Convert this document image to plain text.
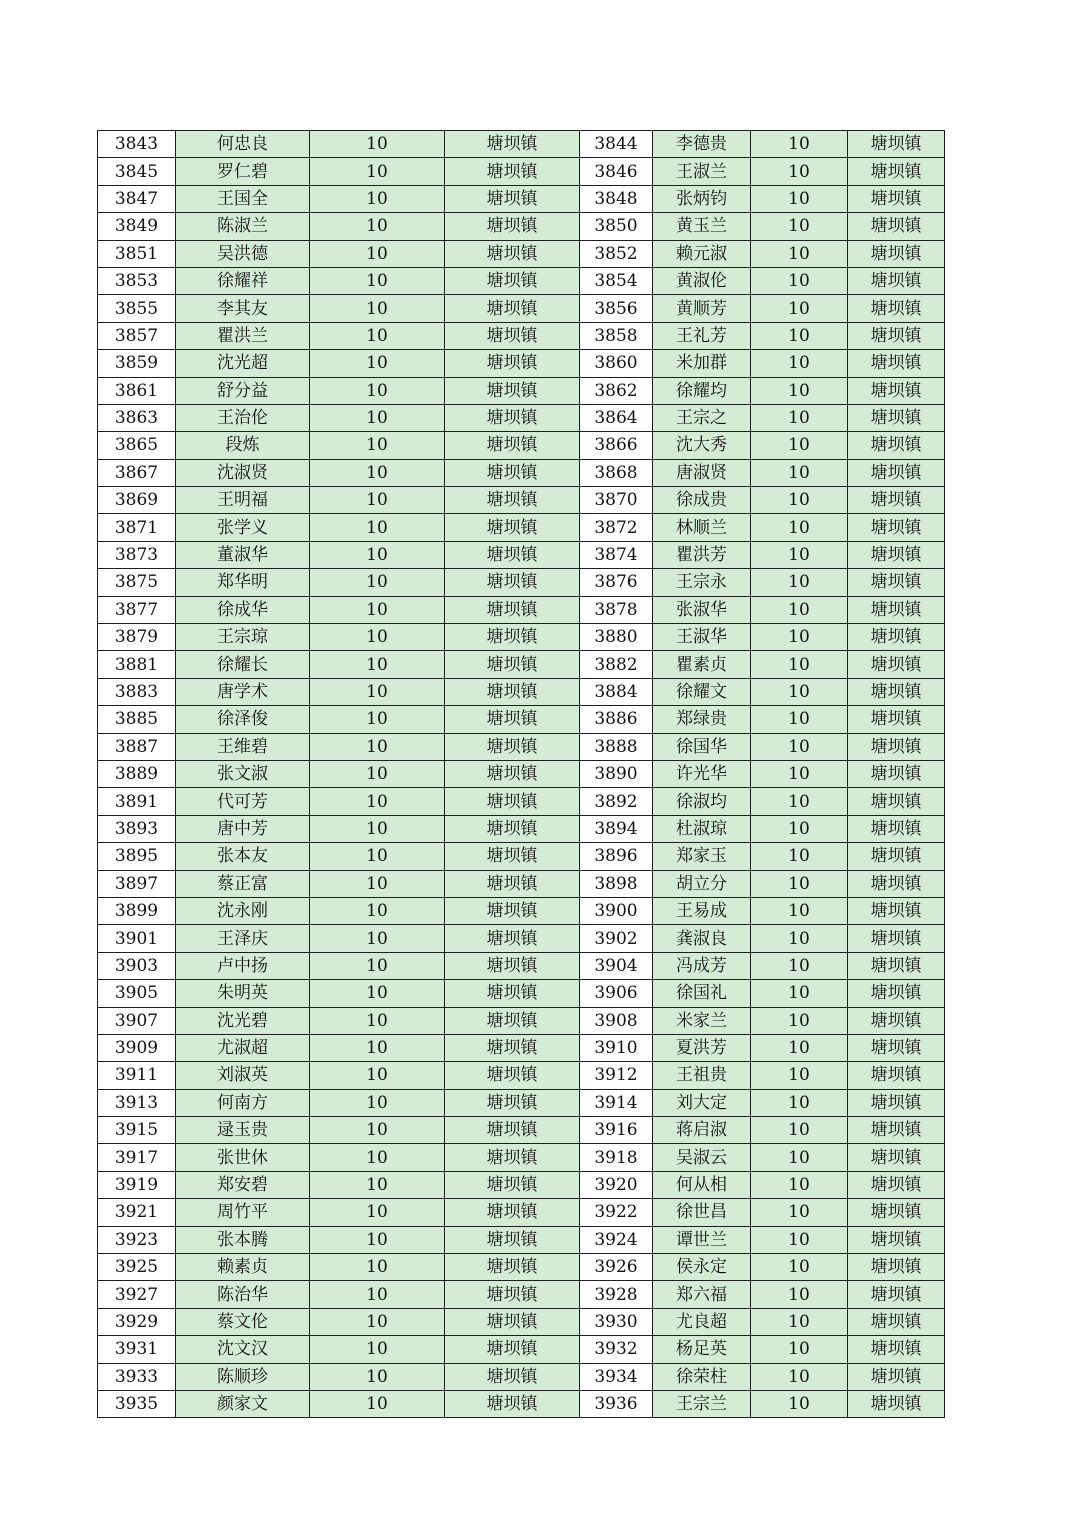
3843	何忠良	10	塘坝镇	3844	李德贵	10	塘坝镇
3845	罗仁碧	10	塘坝镇	3846	王淑兰	10	塘坝镇
3847	王国全	10	塘坝镇	3848	张炳钧	10	塘坝镇
3849	陈淑兰	10	塘坝镇	3850	黄玉兰	10	塘坝镇
3851	吴洪德	10	塘坝镇	3852	赖元淑	10	塘坝镇
3853	徐耀祥	10	塘坝镇	3854	黄淑伦	10	塘坝镇
3855	李其友	10	塘坝镇	3856	黄顺芳	10	塘坝镇
3857	瞿洪兰	10	塘坝镇	3858	王礼芳	10	塘坝镇
3859	沈光超	10	塘坝镇	3860	米加群	10	塘坝镇
3861	舒分益	10	塘坝镇	3862	徐耀均	10	塘坝镇
3863	王治伦	10	塘坝镇	3864	王宗之	10	塘坝镇
3865	段炼	10	塘坝镇	3866	沈大秀	10	塘坝镇
3867	沈淑贤	10	塘坝镇	3868	唐淑贤	10	塘坝镇
3869	王明福	10	塘坝镇	3870	徐成贵	10	塘坝镇
3871	张学义	10	塘坝镇	3872	林顺兰	10	塘坝镇
3873	董淑华	10	塘坝镇	3874	瞿洪芳	10	塘坝镇
3875	郑华明	10	塘坝镇	3876	王宗永	10	塘坝镇
3877	徐成华	10	塘坝镇	3878	张淑华	10	塘坝镇
3879	王宗琼	10	塘坝镇	3880	王淑华	10	塘坝镇
3881	徐耀长	10	塘坝镇	3882	瞿素贞	10	塘坝镇
3883	唐学术	10	塘坝镇	3884	徐耀文	10	塘坝镇
3885	徐泽俊	10	塘坝镇	3886	郑绿贵	10	塘坝镇
3887	王维碧	10	塘坝镇	3888	徐国华	10	塘坝镇
3889	张文淑	10	塘坝镇	3890	许光华	10	塘坝镇
3891	代可芳	10	塘坝镇	3892	徐淑均	10	塘坝镇
3893	唐中芳	10	塘坝镇	3894	杜淑琼	10	塘坝镇
3895	张本友	10	塘坝镇	3896	郑家玉	10	塘坝镇
3897	蔡正富	10	塘坝镇	3898	胡立分	10	塘坝镇
3899	沈永刚	10	塘坝镇	3900	王易成	10	塘坝镇
3901	王泽庆	10	塘坝镇	3902	龚淑良	10	塘坝镇
3903	卢中扬	10	塘坝镇	3904	冯成芳	10	塘坝镇
3905	朱明英	10	塘坝镇	3906	徐国礼	10	塘坝镇
3907	沈光碧	10	塘坝镇	3908	米家兰	10	塘坝镇
3909	尤淑超	10	塘坝镇	3910	夏洪芳	10	塘坝镇
3911	刘淑英	10	塘坝镇	3912	王祖贵	10	塘坝镇
3913	何南方	10	塘坝镇	3914	刘大定	10	塘坝镇
3915	逯玉贵	10	塘坝镇	3916	蒋启淑	10	塘坝镇
3917	张世休	10	塘坝镇	3918	吴淑云	10	塘坝镇
3919	郑安碧	10	塘坝镇	3920	何从相	10	塘坝镇
3921	周竹平	10	塘坝镇	3922	徐世昌	10	塘坝镇
3923	张本腾	10	塘坝镇	3924	谭世兰	10	塘坝镇
3925	赖素贞	10	塘坝镇	3926	侯永定	10	塘坝镇
3927	陈治华	10	塘坝镇	3928	郑六福	10	塘坝镇
3929	蔡文伦	10	塘坝镇	3930	尤良超	10	塘坝镇
3931	沈文汉	10	塘坝镇	3932	杨足英	10	塘坝镇
3933	陈顺珍	10	塘坝镇	3934	徐荣柱	10	塘坝镇
3935	颜家文	10	塘坝镇	3936	王宗兰	10	塘坝镇
